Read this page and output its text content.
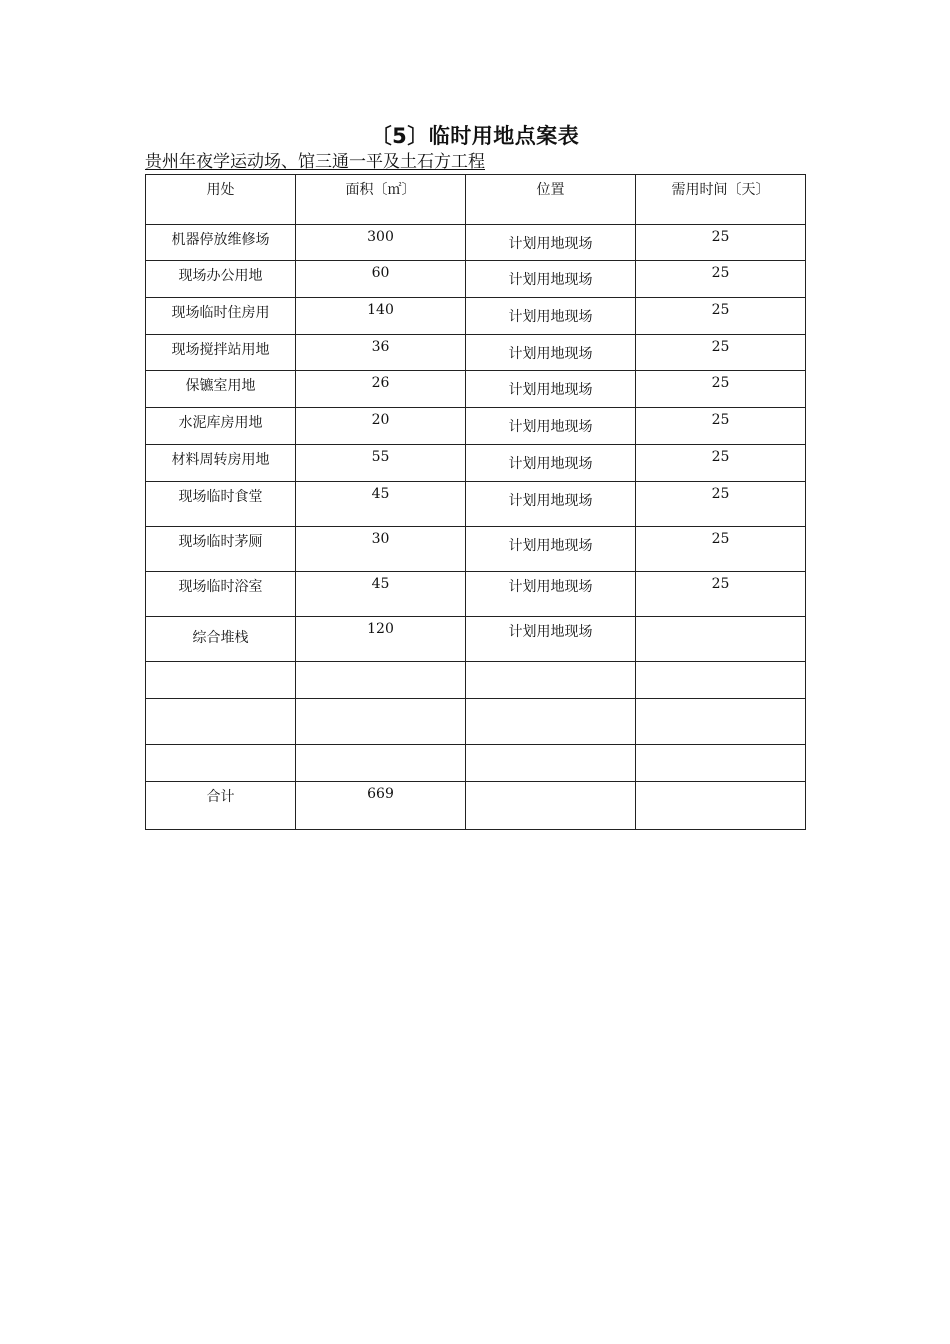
〔5〕临时用地点案表

贵州年夜学运动场、馆三通一平及土石方工程

用处	面积〔㎡〕	位置	需用时间〔天〕
机器停放维修场	300	计划用地现场	25
现场办公用地	60	计划用地现场	25
现场临时住房用	140	计划用地现场	25
现场搅拌站用地	36	计划用地现场	25
保镳室用地	26	计划用地现场	25
水泥库房用地	20	计划用地现场	25
材料周转房用地	55	计划用地现场	25
现场临时食堂	45	计划用地现场	25
现场临时茅厕	30	计划用地现场	25
现场临时浴室	45	计划用地现场	25
综合堆栈	120	计划用地现场	

合计	669		
